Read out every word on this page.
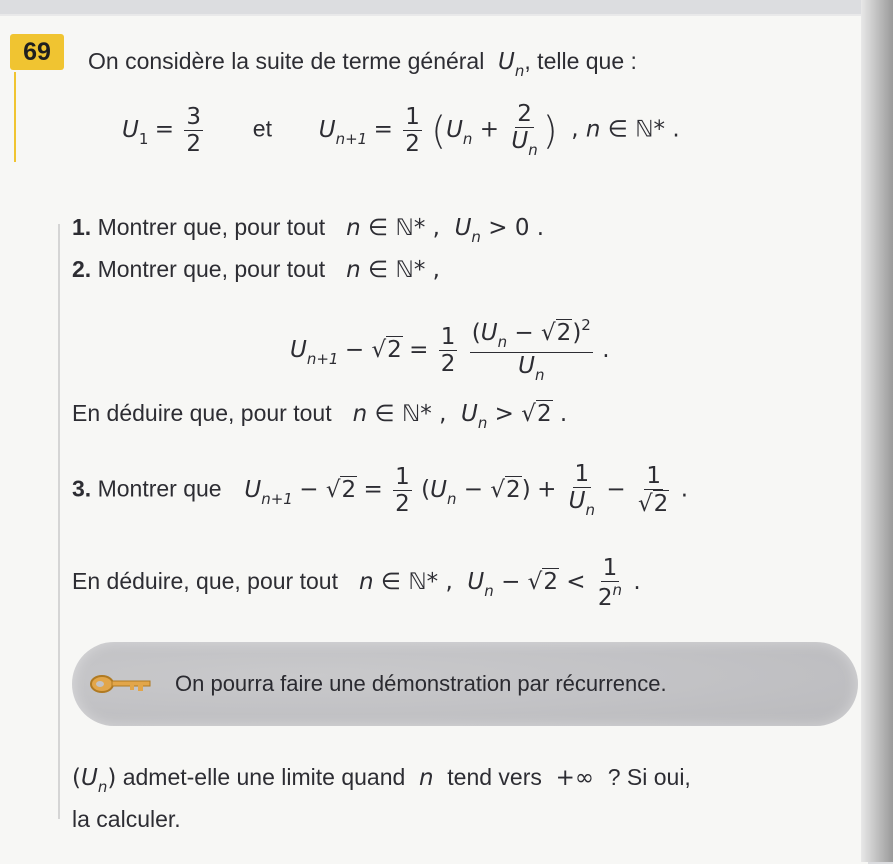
69	On considère la suite de terme général  $U_n$, telle que :
$U_1 = \frac{3}{2}$ et $U_{n+1} = \frac{1}{2} (U_n + \frac{2}{U_n}$ )  , n ∈ ℕ* .
1. Montrer que, pour tout   n ∈ ℕ* ,  $U_n > 0$ .
2. Montrer que, pour tout   n ∈ ℕ* ,
$U_{n+1} - √2 = \frac{1}{2}$
$\frac{(U_n - √2)^2}{U_n}$ .
En déduire que, pour tout   n ∈ ℕ* ,  $U_n > √2$ .
3. Montrer que $U_{n+1} - √2 = \frac{1}{2} (U_n - √2) + \frac{1}{U_n} - \frac{1}{√2}$ .
En déduire, que, pour tout   n ∈ ℕ* ,  $U_n - √2 < \frac{1}{2^n}$ .
On pourra faire une démonstration par récurrence.
$(U_n)$ admet-elle une limite quand  n  tend vers  +∞  ? Si oui,
la calculer.
